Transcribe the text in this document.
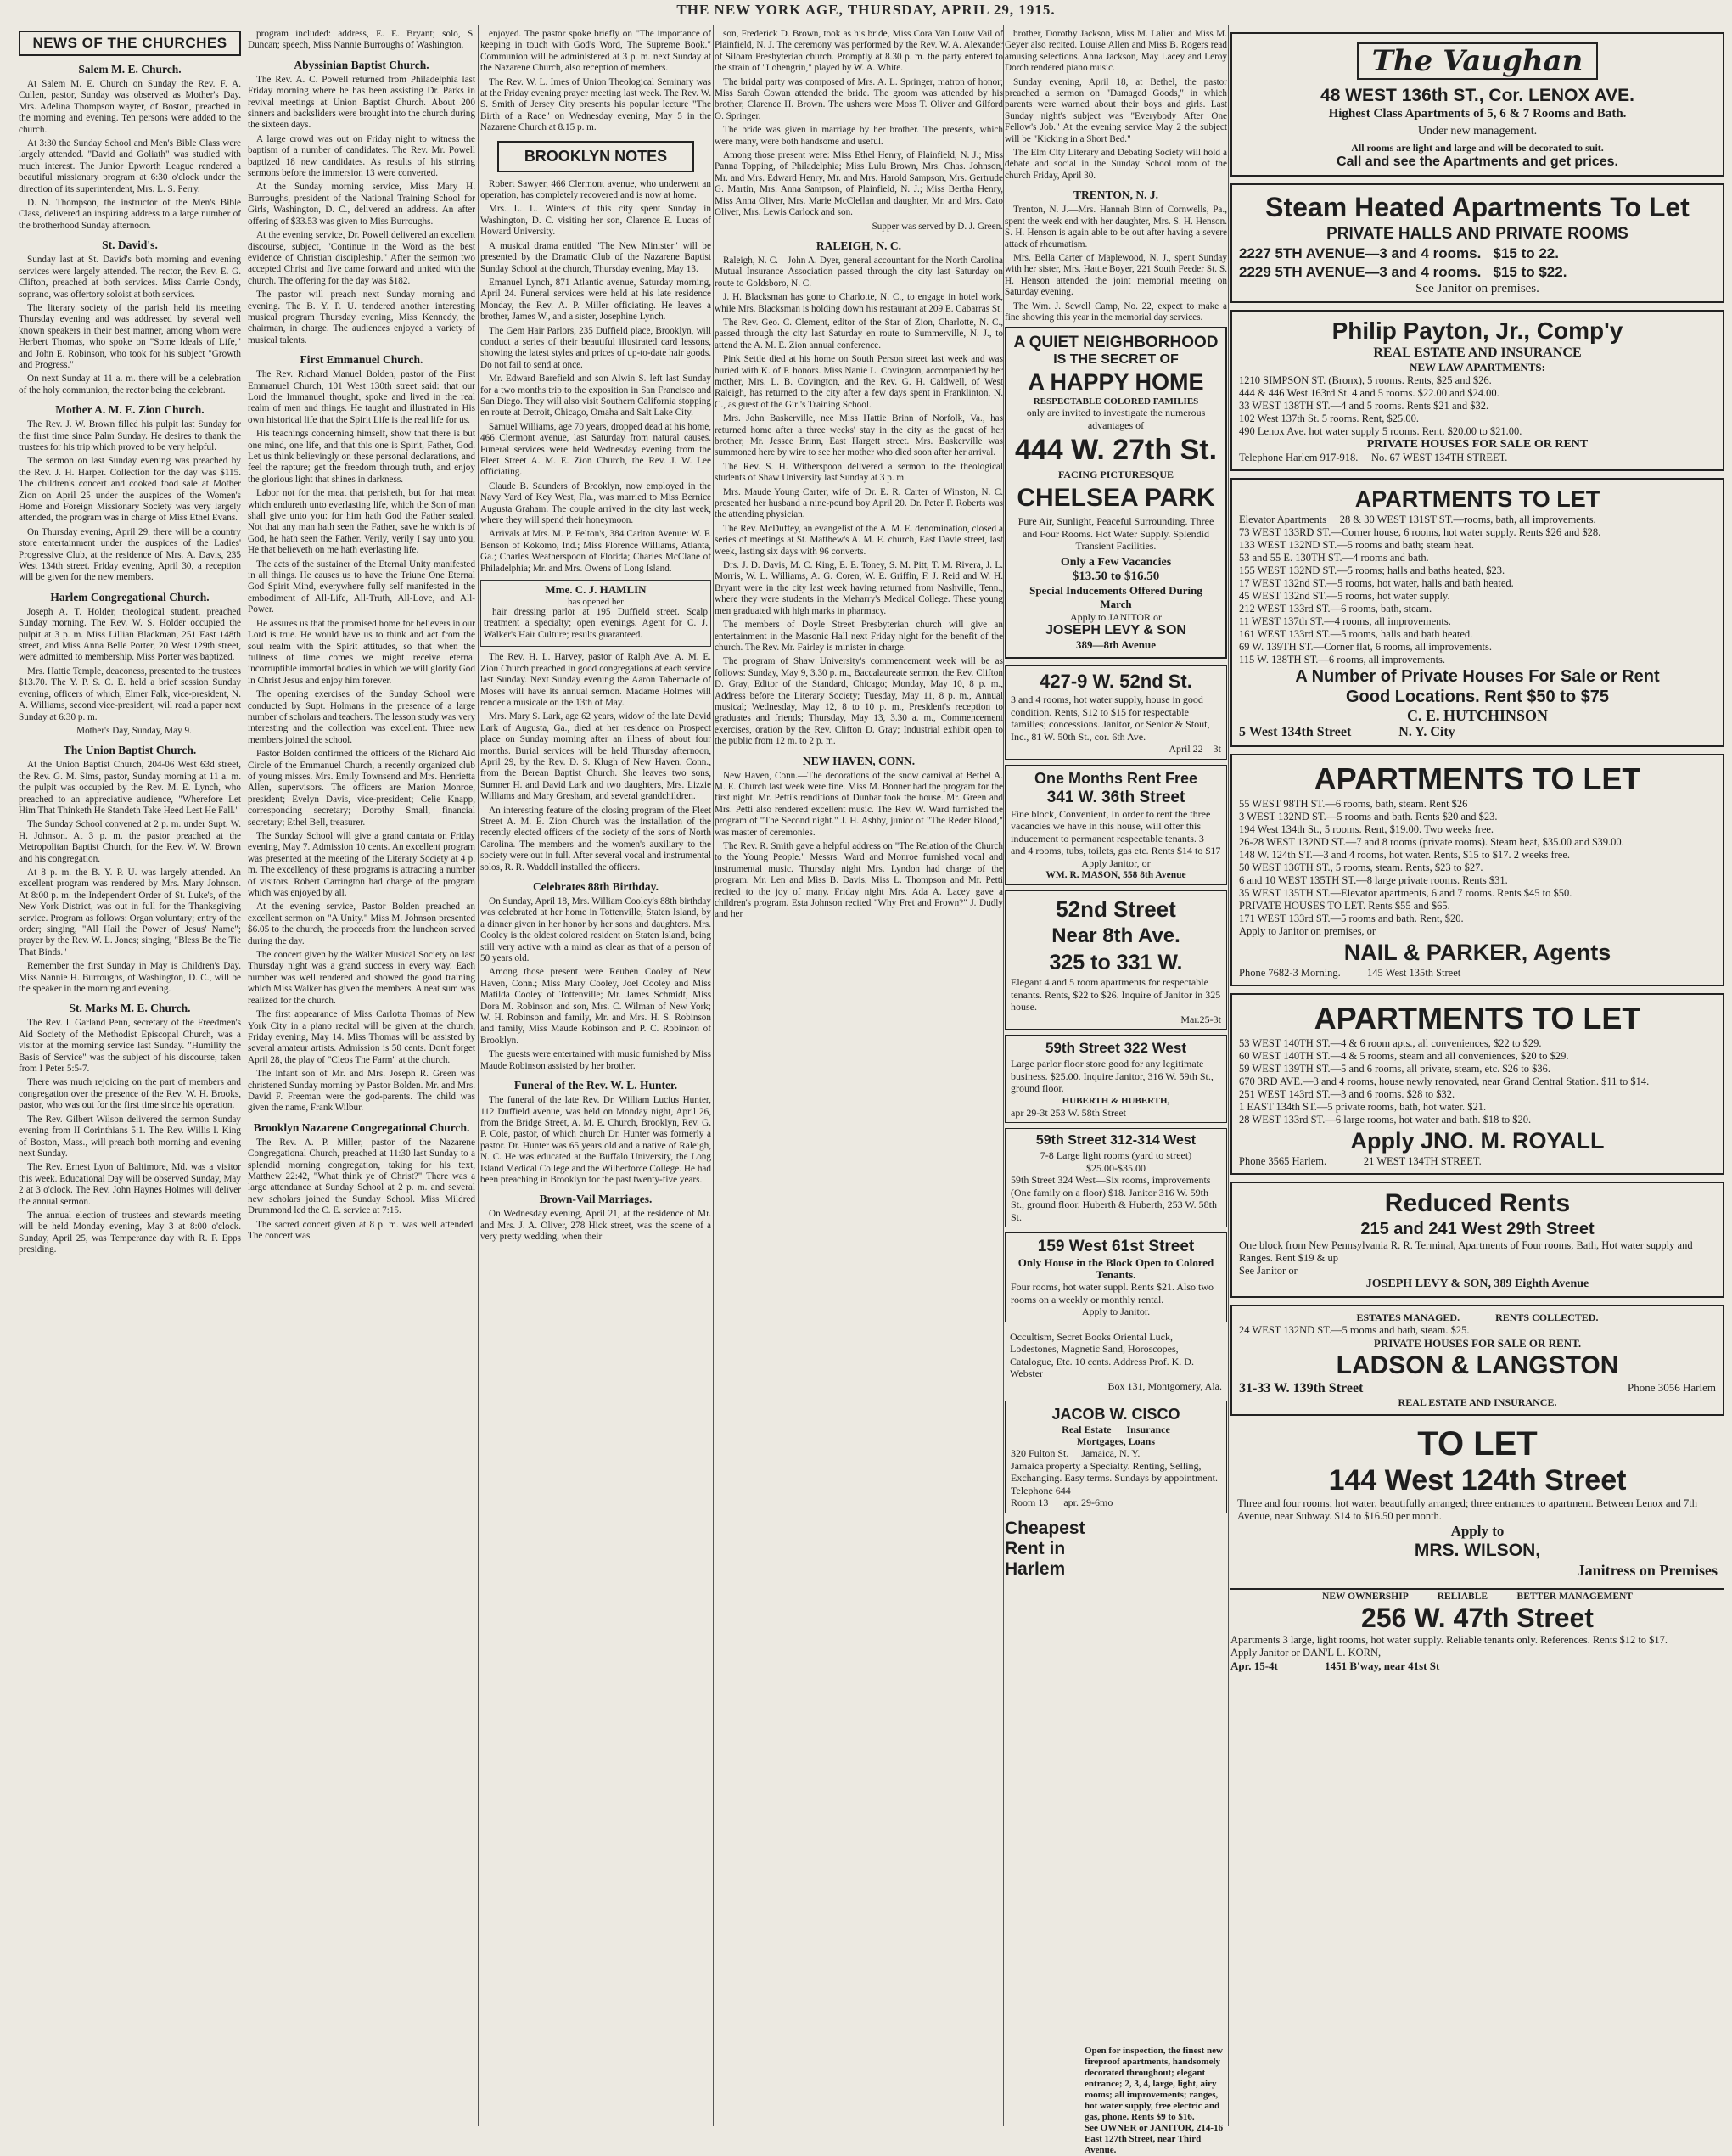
THE NEW YORK AGE, THURSDAY, APRIL 29, 1915.
NEWS OF THE CHURCHES
Salem M. E. Church.

At Salem M. E. Church on Sunday the Rev. F. A. Cullen, pastor, Sunday was observed as Mother's Day. Mrs. Adelina Thompson wayter, of Boston, preached in the morning and evening. Ten persons were added to the church.

At 3:30 the Sunday School and Men's Bible Class were largely attended. "David and Goliath" was studied with much interest. The Junior Epworth League rendered a beautiful missionary program at 6:30 o'clock under the direction of its superintendent, Mrs. L. S. Perry.

D. N. Thompson, the instructor of the Men's Bible Class, delivered an inspiring address to a large number of the brotherhood Sunday afternoon.

St. David's.

Sunday last at St. David's both morning and evening services were largely attended. The rector, the Rev. E. G. Clifton, preached at both services. Miss Carrie Condy, soprano, was offertory soloist at both services.

The literary society of the parish held its meeting Thursday evening and was addressed by several well known speakers in their best manner, among whom were Herbert Thomas, who spoke on "Some Ideals of Life," and John E. Robinson, who took for his subject "Growth and Progress."

On next Sunday at 11 a. m. there will be a celebration of the holy communion, the rector being the celebrant.

Mother A. M. E. Zion Church.

The Rev. J. W. Brown filled his pulpit last Sunday for the first time since Palm Sunday. He desires to thank the trustees for his trip which proved to be very helpful.

The sermon on last Sunday evening was preached by the Rev. J. H. Harper. Collection for the day was $115. The children's concert and cooked food sale at Mother Zion on April 25 under the auspices of the Women's Home and Foreign Missionary Society was very largely attended, the program was in charge of Miss Ethel Evans.

On Thursday evening, April 29, there will be a country store entertainment under the auspices of the Ladies' Progressive Club, at the residence of Mrs. A. Davis, 235 West 134th street. Friday evening, April 30, a reception will be given for the new members.

Harlem Congregational Church.

Joseph A. T. Holder, theological student, preached Sunday morning. The Rev. W. S. Holder occupied the pulpit at 3 p. m. Miss Lillian Blackman, 251 East 148th street, and Miss Anna Belle Porter, 20 West 129th street, were admitted to membership. Miss Porter was baptized.

Mrs. Hattie Temple, deaconess, presented to the trustees $13.70. The Y. P. S. C. E. held a brief session Sunday evening, officers of which, Elmer Falk, vice-president, N. A. Williams, second vice-president, will read a paper next Sunday at 6:30 p. m.

Mother's Day, Sunday, May 9.

The Union Baptist Church.

At the Union Baptist Church, 204-06 West 63d street, the Rev. G. M. Sims, pastor, Sunday morning at 11 a. m. the pulpit was occupied by the Rev. M. E. Lynch, who preached to an appreciative audience, "Wherefore Let Him That Thinketh He Standeth Take Heed Lest He Fall."

The Sunday School convened at 2 p. m. under Supt. W. H. Johnson. At 3 p. m. the pastor preached at the Metropolitan Baptist Church, for the Rev. W. W. Brown and his congregation.

At 8 p. m. the B. Y. P. U. was largely attended. An excellent program was rendered by Mrs. Mary Johnson. At 8:00 p. m. the Independent Order of St. Luke's, of the New York District, was out in full for the Thanksgiving service. Program as follows: Organ voluntary; entry of the order; singing, "All Hail the Power of Jesus' Name"; prayer by the Rev. W. L. Jones; singing, "Bless Be the Tie That Binds."

Remember the first Sunday in May is Children's Day. Miss Nannie H. Burroughs, of Washington, D. C., will be the speaker in the morning and evening.

St. Marks M. E. Church.

The Rev. I. Garland Penn, secretary of the Freedmen's Aid Society of the Methodist Episcopal Church, was a visitor at the morning service last Sunday. "Humility the Basis of Service" was the subject of his discourse, taken from I Peter 5:5-7.

There was much rejoicing on the part of members and congregation over the presence of the Rev. W. H. Brooks, pastor, who was out for the first time since his operation.

The Rev. Gilbert Wilson delivered the sermon Sunday evening from II Corinthians 5:1. The Rev. Willis I. King of Boston, Mass., will preach both morning and evening next Sunday.

The Rev. Ernest Lyon of Baltimore, Md. was a visitor this week. Educational Day will be observed Sunday, May 2 at 3 o'clock. The Rev. John Haynes Holmes will deliver the annual sermon.

The annual election of trustees and stewards meeting will be held Monday evening, May 3 at 8:00 o'clock. Sunday, April 25, was Temperance day with R. F. Epps presiding.

program included: address, E. E. Bryant; solo, S. Duncan; speech, Miss Nannie Burroughs of Washington.

Abyssinian Baptist Church.

The Rev. A. C. Powell returned from Philadelphia last Friday morning where he has been assisting Dr. Parks in revival meetings at Union Baptist Church. About 200 sinners and backsliders were brought into the church during the sixteen days.

A large crowd was out on Friday night to witness the baptism of a number of candidates. The Rev. Mr. Powell baptized 18 new candidates. As results of his stirring sermons before the immersion 13 were converted.

At the Sunday morning service, Miss Mary H. Burroughs, president of the National Training School for Girls, Washington, D. C., delivered an address. An after offering of $33.53 was given to Miss Burroughs.

At the evening service, Dr. Powell delivered an excellent discourse, subject, "Continue in the Word as the best evidence of Christian discipleship." After the sermon two accepted Christ and five came forward and united with the church. The offering for the day was $182.

The pastor will preach next Sunday morning and evening. The B. Y. P. U. tendered another interesting musical program Thursday evening, Miss Kennedy, the chairman, in charge. The audiences enjoyed a variety of musical talents.

First Emmanuel Church.

The Rev. Richard Manuel Bolden, pastor of the First Emmanuel Church, 101 West 130th street said: that our Lord the Immanuel thought, spoke and lived in the real realm of men and things. He taught and illustrated in His own historical life that the Spirit Life is the real life for us.

His teachings concerning himself, show that there is but one mind, one life, and that this one is Spirit, Father, God. Let us think believingly on these personal declarations, and feel the rapture; get the freedom through truth, and enjoy the glorious light that shines in darkness.

Labor not for the meat that perisheth, but for that meat which endureth unto everlasting life, which the Son of man shall give unto you: for him hath God the Father sealed. Not that any man hath seen the Father, save he which is of God, he hath seen the Father. Verily, verily I say unto you, He that believeth on me hath everlasting life.

The acts of the sustainer of the Eternal Unity manifested in all things. He causes us to have the Triune One Eternal God Spirit Mind, everywhere fully self manifested in the embodiment of All-Life, All-Truth, All-Love, and All-Power.

He assures us that the promised home for believers in our Lord is true. He would have us to think and act from the soul realm with the Spirit attitudes, so that when the fullness of time comes we might receive eternal incorruptible immortal bodies in which we will glorify God in Christ Jesus and enjoy him forever.

The opening exercises of the Sunday School were conducted by Supt. Holmans in the presence of a large number of scholars and teachers. The lesson study was very interesting and the collection was excellent. Three new members joined the school.

Pastor Bolden confirmed the officers of the Richard Aid Circle of the Emmanuel Church, a recently organized club of young misses. Mrs. Emily Townsend and Mrs. Henrietta Allen, supervisors. The officers are Marion Monroe, president; Evelyn Davis, vice-president; Celie Knapp, corresponding secretary; Dorothy Small, financial secretary; Ethel Bell, treasurer.

The Sunday School will give a grand cantata on Friday evening, May 7. Admission 10 cents. An excellent program was presented at the meeting of the Literary Society at 4 p. m. The excellency of these programs is attracting a number of visitors. Robert Carrington had charge of the program which was enjoyed by all.

At the evening service, Pastor Bolden preached an excellent sermon on "A Unity." Miss M. Johnson presented $6.05 to the church, the proceeds from the luncheon served during the day.

The concert given by the Walker Musical Society on last Thursday night was a grand success in every way. Each number was well rendered and showed the good training which Miss Walker has given the members. A neat sum was realized for the church.

The first appearance of Miss Carlotta Thomas of New York City in a piano recital will be given at the church, Friday evening, May 14. Miss Thomas will be assisted by several amateur artists. Admission is 50 cents. Don't forget April 28, the play of "Cleos The Farm" at the church.

The infant son of Mr. and Mrs. Joseph R. Green was christened Sunday morning by Pastor Bolden. Mr. and Mrs. David F. Freeman were the god-parents. The child was given the name, Frank Wilbur.

Brooklyn Nazarene Congregational Church.

The Rev. A. P. Miller, pastor of the Nazarene Congregational Church, preached at 11:30 last Sunday to a splendid morning congregation, taking for his text, Matthew 22:42, "What think ye of Christ?" There was a large attendance at Sunday School at 2 p. m. and several new scholars joined the Sunday School. Miss Mildred Drummond led the C. E. service at 7:15.

The sacred concert given at 8 p. m. was well attended. The concert was

enjoyed. The pastor spoke briefly on "The importance of keeping in touch with God's Word, The Supreme Book." Communion will be administered at 3 p. m. next Sunday at the Nazarene Church, also reception of members.

The Rev. W. L. Imes of Union Theological Seminary was at the Friday evening prayer meeting last week. The Rev. W. S. Smith of Jersey City presents his popular lecture "The Birth of a Race" on Wednesday evening, May 5 in the Nazarene Church at 8.15 p. m.

BROOKLYN NOTES

Robert Sawyer, 466 Clermont avenue, who underwent an operation, has completely recovered and is now at home.

Mrs. L. L. Winters of this city spent Sunday in Washington, D. C. visiting her son, Clarence E. Lucas of Howard University.

A musical drama entitled "The New Minister" will be presented by the Dramatic Club of the Nazarene Baptist Sunday School at the church, Thursday evening, May 13.

Emanuel Lynch, 871 Atlantic avenue, Saturday morning, April 24. Funeral services were held at his late residence Monday, the Rev. A. P. Miller officiating. He leaves a brother, James W., and a sister, Josephine Lynch.

The Gem Hair Parlors, 235 Duffield place, Brooklyn, will conduct a series of their beautiful illustrated card lessons, showing the latest styles and prices of up-to-date hair goods. Do not fail to send at once.

Mr. Edward Barefield and son Alwin S. left last Sunday for a two months trip to the exposition in San Francisco and San Diego. They will also visit Southern California stopping en route at Detroit, Chicago, Omaha and Salt Lake City.

Samuel Williams, age 70 years, dropped dead at his home, 466 Clermont avenue, last Saturday from natural causes. Funeral services were held Wednesday evening from the Fleet Street A. M. E. Zion Church, the Rev. J. W. Lee officiating.

Claude B. Saunders of Brooklyn, now employed in the Navy Yard of Key West, Fla., was married to Miss Bernice Augusta Graham. The couple arrived in the city last week, where they will spend their honeymoon.

Arrivals at Mrs. M. P. Felton's, 384 Carlton Avenue: W. F. Benson of Kokomo, Ind.; Miss Florence Williams, Atlanta, Ga.; Charles Weatherspoon of Florida; Charles McClane of Philadelphia; Mr. and Mrs. Owens of Long Island.

Mme. C. J. HAMLIN
has opened her
hair dressing parlor at 195 Duffield street. Scalp treatment a specialty; open evenings. Agent for C. J. Walker's Hair Culture; results guaranteed.

The Rev. H. L. Harvey, pastor of Ralph Ave. A. M. E. Zion Church preached in good congregations at each service last Sunday. Next Sunday evening the Aaron Tabernacle of Moses will have its annual sermon. Madame Holmes will render a musicale on the 13th of May.

Mrs. Mary S. Lark, age 62 years, widow of the late David Lark of Augusta, Ga., died at her residence on Prospect place on Sunday morning after an illness of about four months. Burial services will be held Thursday afternoon, April 29, by the Rev. D. S. Klugh of New Haven, Conn., from the Berean Baptist Church. She leaves two sons, Sumner H. and David Lark and two daughters, Mrs. Lizzie Williams and Mary Gresham, and several grandchildren.

An interesting feature of the closing program of the Fleet Street A. M. E. Zion Church was the installation of the recently elected officers of the society of the sons of North Carolina. The members and the women's auxiliary to the society were out in full. After several vocal and instrumental solos, R. R. Waddell installed the officers.

Celebrates 88th Birthday.

On Sunday, April 18, Mrs. William Cooley's 88th birthday was celebrated at her home in Tottenville, Staten Island, by a dinner given in her honor by her sons and daughters. Mrs. Cooley is the oldest colored resident on Staten Island, being still very active with a mind as clear as that of a person of 50 years old.

Among those present were Reuben Cooley of New Haven, Conn.; Miss Mary Cooley, Joel Cooley and Miss Matilda Cooley of Tottenville; Mr. James Schmidt, Miss Dora M. Robinson and son, Mrs. C. Wilman of New York; W. H. Robinson and family, Mr. and Mrs. H. S. Robinson and family, Miss Maude Robinson and P. C. Robinson of Brooklyn.

The guests were entertained with music furnished by Miss Maude Robinson assisted by her brother.

Funeral of the Rev. W. L. Hunter.

The funeral of the late Rev. Dr. William Lucius Hunter, 112 Duffield avenue, was held on Monday night, April 26, from the Bridge Street, A. M. E. Church, Brooklyn, Rev. G. P. Cole, pastor, of which church Dr. Hunter was formerly a pastor. Dr. Hunter was 65 years old and a native of Raleigh, N. C. He was educated at the Buffalo University, the Long Island Medical College and the Wilberforce College. He had been preaching in Brooklyn for the past twenty-five years.

Brown-Vail Marriages.

On Wednesday evening, April 21, at the residence of Mr. and Mrs. J. A. Oliver, 278 Hick street, was the scene of a very pretty wedding, when their

son, Frederick D. Brown, took as his bride, Miss Cora Van Louw Vail of Plainfield, N. J. The ceremony was performed by the Rev. W. A. Alexander of Siloam Presbyterian church. Promptly at 8.30 p. m. the party entered to the strain of "Lohengrin," played by W. A. White.

The bridal party was composed of Mrs. A. L. Springer, matron of honor; Miss Sarah Cowan attended the bride. The groom was attended by his brother, Clarence H. Brown. The ushers were Moss T. Oliver and Gilford O. Springer.

The bride was given in marriage by her brother. The presents, which were many, were both handsome and useful.

Among those present were: Miss Ethel Henry, of Plainfield, N. J.; Miss Panna Topping, of Philadelphia; Miss Lulu Brown, Mrs. Chas. Johnson, Mr. and Mrs. Edward Henry, Mr. and Mrs. Harold Sampson, Mrs. Gertrude G. Martin, Mrs. Anna Sampson, of Plainfield, N. J.; Miss Bertha Henry, Miss Anna Oliver, Mrs. Marie McClellan and daughter, Mr. and Mrs. Cato Oliver, Mrs. Lewis Carlock and son.

Supper was served by D. J. Green.

RALEIGH, N. C.

Raleigh, N. C.—John A. Dyer, general accountant for the North Carolina Mutual Insurance Association passed through the city last Saturday on route to Goldsboro, N. C.

J. H. Blacksman has gone to Charlotte, N. C., to engage in hotel work, while Mrs. Blacksman is holding down his restaurant at 209 E. Cabarras St.

The Rev. Geo. C. Clement, editor of the Star of Zion, Charlotte, N. C., passed through the city last Saturday en route to Summerville, N. J., to attend the A. M. E. Zion annual conference.

Pink Settle died at his home on South Person street last week and was buried with K. of P. honors. Miss Nanie L. Covington, accompanied by her mother, Mrs. L. B. Covington, and the Rev. G. H. Caldwell, of West Raleigh, has returned to the city after a few days spent in Franklinton, N. C., as guest of the Girl's Training School.

Mrs. John Baskerville, nee Miss Hattie Brinn of Norfolk, Va., has returned home after a three weeks' stay in the city as the guest of her brother, Mr. Jessee Brinn, East Hargett street. Mrs. Baskerville was summoned here by wire to see her mother who died soon after her arrival.

The Rev. S. H. Witherspoon delivered a sermon to the theological students of Shaw University last Sunday at 3 p. m.

Mrs. Maude Young Carter, wife of Dr. E. R. Carter of Winston, N. C. presented her husband a nine-pound boy April 20. Dr. Peter F. Roberts was the attending physician.

The Rev. McDuffey, an evangelist of the A. M. E. denomination, closed a series of meetings at St. Matthew's A. M. E. church, East Davie street, last week, lasting six days with 96 converts.

Drs. J. D. Davis, M. C. King, E. E. Toney, S. M. Pitt, T. M. Rivera, J. L. Morris, W. L. Williams, A. G. Coren, W. E. Griffin, F. J. Reid and W. H. Bryant were in the city last week having returned from Nashville, Tenn., where they were students in the Meharry's Medical College. These young men graduated with high marks in pharmacy.

The members of Doyle Street Presbyterian church will give an entertainment in the Masonic Hall next Friday night for the benefit of the church. The Rev. Mr. Fairley is minister in charge.

The program of Shaw University's commencement week will be as follows: Sunday, May 9, 3.30 p. m., Baccalaureate sermon, the Rev. Clifton D. Gray, Editor of the Standard, Chicago; Monday, May 10, 8 p. m., Address before the Literary Society; Tuesday, May 11, 8 p. m., Annual musical; Wednesday, May 12, 8 to 10 p. m., President's reception to graduates and friends; Thursday, May 13, 3.30 a. m., Commencement exercises, oration by the Rev. Clifton D. Gray; Industrial exhibit open to the public from 12 m. to 2 p. m.

NEW HAVEN, CONN.

New Haven, Conn.—The decorations of the snow carnival at Bethel A. M. E. Church last week were fine. Miss M. Bonner had the program for the first night. Mr. Petti's renditions of Dunbar took the house. Mr. Green and Mrs. Petti also rendered excellent music. The Rev. W. Ward furnished the program of "The Second night." J. H. Ashby, junior of "The Reder Blood," was master of ceremonies.

The Rev. R. Smith gave a helpful address on "The Relation of the Church to the Young People." Messrs. Ward and Monroe furnished vocal and instrumental music. Thursday night Mrs. Lyndon had charge of the program. Mr. Len and Miss B. Davis, Miss L. Thompson and Mr. Petti recited to the joy of many. Friday night Mrs. Ada A. Lacey gave a children's program. Esta Johnson recited "Why Fret and Frown?" J. Dudly and her

brother, Dorothy Jackson, Miss M. Lalieu and Miss M. Geyer also recited. Louise Allen and Miss B. Rogers read amusing selections. Anna Jackson, May Lacey and Leroy Dorch rendered piano music.

Sunday evening, April 18, at Bethel, the pastor preached a sermon on "Damaged Goods," in which parents were warned about their boys and girls. Last Sunday night's subject was "Everybody After One Fellow's Job." At the evening service May 2 the subject will be "Kicking in a Short Bed."

The Elm City Literary and Debating Society will hold a debate and social in the Sunday School room of the church Friday, April 30.

TRENTON, N. J.

Trenton, N. J.—Mrs. Hannah Binn of Cornwells, Pa., spent the week end with her daughter, Mrs. S. H. Henson. S. H. Henson is again able to be out after having a severe attack of rheumatism.

Mrs. Bella Carter of Maplewood, N. J., spent Sunday with her sister, Mrs. Hattie Boyer, 221 South Feeder St. S. H. Henson attended the joint memorial meeting on Saturday evening.

The Wm. J. Sewell Camp, No. 22, expect to make a fine showing this year in the memorial day services.

A QUIET NEIGHBORHOOD
IS THE SECRET OF
A HAPPY HOME
RESPECTABLE COLORED FAMILIES
only are invited to investigate the numerous advantages of
444 W. 27th St.
FACING PICTURESQUE
CHELSEA PARK
Pure Air, Sunlight, Peaceful Surrounding. Three and Four Rooms. Hot Water Supply. Splendid Transient Facilities.
Only a Few Vacancies
$13.50 to $16.50
Special Inducements Offered During March
Apply to JANITOR or
JOSEPH LEVY & SON
389—8th Avenue
427-9 W. 52nd St.
3 and 4 rooms, hot water supply, house in good condition. Rents, $12 to $15 for respectable families; concessions. Janitor, or Senior & Stout, Inc., 81 W. 50th St., cor. 6th Ave.
April 22—3t
One Months Rent Free
341 W. 36th Street
Fine block, Convenient, In order to rent the three vacancies we have in this house, will offer this inducement to permanent respectable tenants. 3 and 4 rooms, tubs, toilets, gas etc. Rents $14 to $17
Apply Janitor, or
WM. R. MASON, 558 8th Avenue
52nd Street
Near 8th Ave.
325 to 331 W.
Elegant 4 and 5 room apartments for respectable tenants. Rents, $22 to $26. Inquire of Janitor in 325 house.
Mar.25-3t
59th Street 322 West
Large parlor floor store good for any legitimate business. $25.00. Inquire Janitor, 316 W. 59th St., ground floor.
HUBERTH & HUBERTH,
apr 29-3t 253 W. 58th Street
59th Street 312-314 West
7-8 Large light rooms (yard to street) $25.00-$35.00
59th Street 324 West—Six rooms, improvements (One family on a floor) $18. Janitor 316 W. 59th St., ground floor. Huberth & Huberth, 253 W. 58th St.
159 West 61st Street
Only House in the Block Open to Colored Tenants.
Four rooms, hot water suppl. Rents $21. Also two rooms on a weekly or monthly rental.
Apply to Janitor.
Occultism, Secret Books Oriental Luck, Lodestones, Magnetic Sand, Horoscopes, Catalogue, Etc. 10 cents. Address Prof. K. D. Webster
Box 131, Montgomery, Ala.
JACOB W. CISCO
Real Estate      Insurance
Mortgages, Loans
320 Fulton St.     Jamaica, N. Y.
Jamaica property a Specialty. Renting, Selling, Exchanging. Easy terms. Sundays by appointment. Telephone 644
Room 13      apr. 29-6mo
Cheapest
Rent in
Harlem
The Vaughan
48 WEST 136th ST., Cor. LENOX AVE.
Highest Class Apartments of 5, 6 & 7 Rooms and Bath.
Under new management.
All rooms are light and large and will be decorated to suit.
Call and see the Apartments and get prices.
Steam Heated Apartments To Let
PRIVATE HALLS AND PRIVATE ROOMS
2227 5TH AVENUE—3 and 4 rooms.   $15 to 22.
2229 5TH AVENUE—3 and 4 rooms.   $15 to $22.
See Janitor on premises.
Philip Payton, Jr., Comp'y
REAL ESTATE AND INSURANCE
NEW LAW APARTMENTS:
1210 SIMPSON ST. (Bronx), 5 rooms. Rents, $25 and $26.
444 & 446 West 163rd St. 4 and 5 rooms. $22.00 and $24.00.
33 WEST 138TH ST.—4 and 5 rooms. Rents $21 and $32.
102 West 137th St. 5 rooms. Rent, $25.00.
490 Lenox Ave. hot water supply 5 rooms. Rent, $20.00 to $21.00.
PRIVATE HOUSES FOR SALE OR RENT
Telephone Harlem 917-918.     No. 67 WEST 134TH STREET.
APARTMENTS TO LET
Elevator Apartments     28 & 30 WEST 131ST ST.—rooms, bath, all improvements.
73 WEST 133RD ST.—Corner house, 6 rooms, hot water supply. Rents $26 and $28.
133 WEST 132ND ST.—5 rooms and bath; steam heat.
53 and 55 E. 130TH ST.—4 rooms and bath.
155 WEST 132ND ST.—5 rooms; halls and baths heated, $23.
17 WEST 132nd ST.—5 rooms, hot water, halls and bath heated.
45 WEST 132nd ST.—5 rooms, hot water supply.
212 WEST 133rd ST.—6 rooms, bath, steam.
11 WEST 137th ST.—4 rooms, all improvements.
161 WEST 133rd ST.—5 rooms, halls and bath heated.
69 W. 139TH ST.—Corner flat, 6 rooms, all improvements.
115 W. 138TH ST.—6 rooms, all improvements.
A Number of Private Houses For Sale or Rent
Good Locations. Rent $50 to $75
C. E. HUTCHINSON
5 West 134th Street              N. Y. City
APARTMENTS TO LET
55 WEST 98TH ST.—6 rooms, bath, steam. Rent $26
3 WEST 132ND ST.—5 rooms and bath. Rents $20 and $23.
194 West 134th St., 5 rooms. Rent, $19.00. Two weeks free.
26-28 WEST 132ND ST.—7 and 8 rooms (private rooms). Steam heat, $35.00 and $39.00.
148 W. 124th ST.—3 and 4 rooms, hot water. Rents, $15 to $17. 2 weeks free.
50 WEST 136TH ST., 5 rooms, steam. Rents, $23 to $27.
6 and 10 WEST 135TH ST.—8 large private rooms. Rents $31.
35 WEST 135TH ST.—Elevator apartments, 6 and 7 rooms. Rents $45 to $50.
PRIVATE HOUSES TO LET. Rents $55 and $65.
171 WEST 133rd ST.—5 rooms and bath. Rent, $20.
Apply to Janitor on premises, or
NAIL & PARKER, Agents
Phone 7682-3 Morning.          145 West 135th Street
APARTMENTS TO LET
53 WEST 140TH ST.—4 & 6 room apts., all conveniences, $22 to $29.
60 WEST 140TH ST.—4 & 5 rooms, steam and all conveniences, $20 to $29.
59 WEST 139TH ST.—5 and 6 rooms, all private, steam, etc. $26 to $36.
670 3RD AVE.—3 and 4 rooms, house newly renovated, near Grand Central Station. $11 to $14.
251 WEST 143rd ST.—3 and 6 rooms. $28 to $32.
1 EAST 134th ST.—5 private rooms, bath, hot water. $21.
28 WEST 133rd ST.—6 large rooms, hot water and bath. $18 to $20.
Apply JNO. M. ROYALL
Phone 3565 Harlem.              21 WEST 134TH STREET.
Reduced Rents
215 and 241 West 29th Street
One block from New Pennsylvania R. R. Terminal, Apartments of Four rooms, Bath, Hot water supply and Ranges. Rent $19 & up
See Janitor or
JOSEPH LEVY & SON, 389 Eighth Avenue
ESTATES MANAGED.              RENTS COLLECTED.
24 WEST 132ND ST.—5 rooms and bath, steam. $25.
PRIVATE HOUSES FOR SALE OR RENT.
LADSON & LANGSTON
31-33 W. 139th Street	Phone 3056 Harlem
REAL ESTATE AND INSURANCE.
TO LET
144 West 124th Street
Three and four rooms; hot water, beautifully arranged; three entrances to apartment. Between Lenox and 7th Avenue, near Subway. $14 to $16.50 per month.
Apply to
MRS. WILSON,
Janitress on Premises
NEW OWNERSHIP            RELIABLE            BETTER MANAGEMENT
256 W. 47th Street
Apartments 3 large, light rooms, hot water supply. Reliable tenants only. References. Rents $12 to $17.
Apply Janitor or DAN'L L. KORN,
Apr. 15-4t                 1451 B'way, near 41st St
Open for inspection, the finest new fireproof apartments, handsomely decorated throughout; elegant entrance; 2, 3, 4, large, light, airy rooms; all improvements; ranges, hot water supply, free electric and gas, phone. Rents $9 to $16.
See OWNER or JANITOR, 214-16 East 127th Street, near Third Avenue.
